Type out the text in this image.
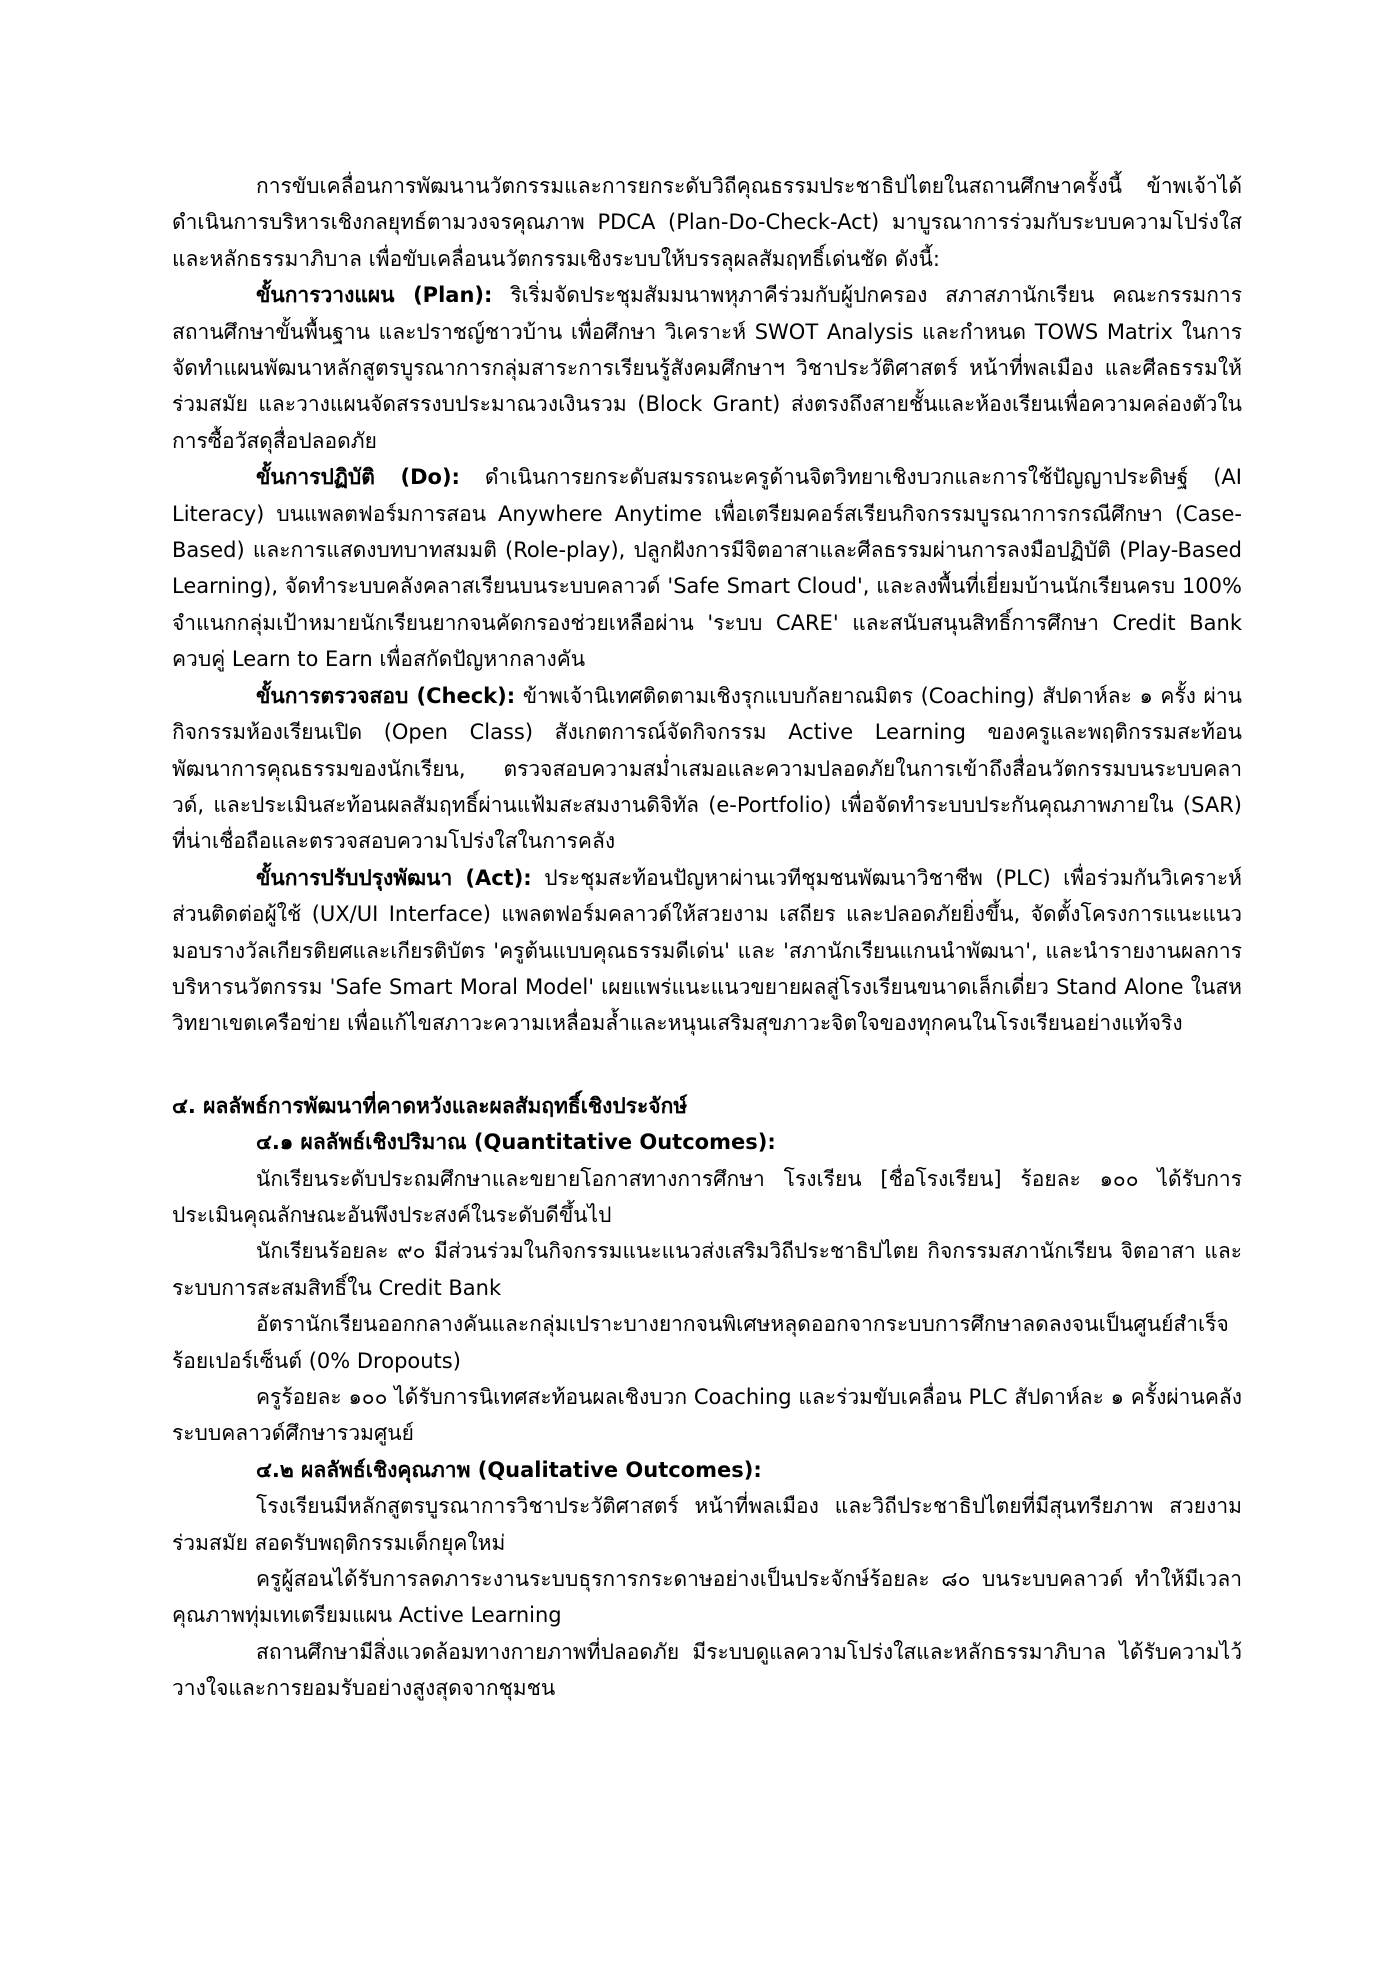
การขับเคลื่อนการพัฒนานวัตกรรมและการยกระดับวิถีคุณธรรมประชาธิปไตยในสถานศึกษาครั้งนี้ ข้าพเจ้าได้ดำเนินการบริหารเชิงกลยุทธ์ตามวงจรคุณภาพ PDCA (Plan-Do-Check-Act) มาบูรณาการร่วมกับระบบความโปร่งใสและหลักธรรมาภิบาล เพื่อขับเคลื่อนนวัตกรรมเชิงระบบให้บรรลุผลสัมฤทธิ์เด่นชัด ดังนี้:

ขั้นการวางแผน (Plan): ริเริ่มจัดประชุมสัมมนาพหุภาคีร่วมกับผู้ปกครอง สภาสภานักเรียน คณะกรรมการสถานศึกษาขั้นพื้นฐาน และปราชญ์ชาวบ้าน เพื่อศึกษา วิเคราะห์ SWOT Analysis และกำหนด TOWS Matrix ในการจัดทำแผนพัฒนาหลักสูตรบูรณาการกลุ่มสาระการเรียนรู้สังคมศึกษาฯ วิชาประวัติศาสตร์ หน้าที่พลเมือง และศีลธรรมให้ร่วมสมัย และวางแผนจัดสรรงบประมาณวงเงินรวม (Block Grant) ส่งตรงถึงสายชั้นและห้องเรียนเพื่อความคล่องตัวในการซื้อวัสดุสื่อปลอดภัย

ขั้นการปฏิบัติ (Do): ดำเนินการยกระดับสมรรถนะครูด้านจิตวิทยาเชิงบวกและการใช้ปัญญาประดิษฐ์ (AI Literacy) บนแพลตฟอร์มการสอน Anywhere Anytime เพื่อเตรียมคอร์สเรียนกิจกรรมบูรณาการกรณีศึกษา (Case-Based) และการแสดงบทบาทสมมติ (Role-play), ปลูกฝังการมีจิตอาสาและศีลธรรมผ่านการลงมือปฏิบัติ (Play-Based Learning), จัดทำระบบคลังคลาสเรียนบนระบบคลาวด์ 'Safe Smart Cloud', และลงพื้นที่เยี่ยมบ้านนักเรียนครบ 100% จำแนกกลุ่มเป้าหมายนักเรียนยากจนคัดกรองช่วยเหลือผ่าน 'ระบบ CARE' และสนับสนุนสิทธิ์การศึกษา Credit Bank ควบคู่ Learn to Earn เพื่อสกัดปัญหากลางคัน

ขั้นการตรวจสอบ (Check): ข้าพเจ้านิเทศติดตามเชิงรุกแบบกัลยาณมิตร (Coaching) สัปดาห์ละ ๑ ครั้ง ผ่านกิจกรรมห้องเรียนเปิด (Open Class) สังเกตการณ์จัดกิจกรรม Active Learning ของครูและพฤติกรรมสะท้อนพัฒนาการคุณธรรมของนักเรียน, ตรวจสอบความสม่ำเสมอและความปลอดภัยในการเข้าถึงสื่อนวัตกรรมบนระบบคลาวด์, และประเมินสะท้อนผลสัมฤทธิ์ผ่านแฟ้มสะสมงานดิจิทัล (e-Portfolio) เพื่อจัดทำระบบประกันคุณภาพภายใน (SAR) ที่น่าเชื่อถือและตรวจสอบความโปร่งใสในการคลัง

ขั้นการปรับปรุงพัฒนา (Act): ประชุมสะท้อนปัญหาผ่านเวทีชุมชนพัฒนาวิชาชีพ (PLC) เพื่อร่วมกันวิเคราะห์ส่วนติดต่อผู้ใช้ (UX/UI Interface) แพลตฟอร์มคลาวด์ให้สวยงาม เสถียร และปลอดภัยยิ่งขึ้น, จัดตั้งโครงการแนะแนว มอบรางวัลเกียรติยศและเกียรติบัตร 'ครูต้นแบบคุณธรรมดีเด่น' และ 'สภานักเรียนแกนนำพัฒนา', และนำรายงานผลการบริหารนวัตกรรม 'Safe Smart Moral Model' เผยแพร่แนะแนวขยายผลสู่โรงเรียนขนาดเล็กเดี่ยว Stand Alone ในสหวิทยาเขตเครือข่าย เพื่อแก้ไขสภาวะความเหลื่อมล้ำและหนุนเสริมสุขภาวะจิตใจของทุกคนในโรงเรียนอย่างแท้จริง

๔. ผลลัพธ์การพัฒนาที่คาดหวังและผลสัมฤทธิ์เชิงประจักษ์

๔.๑ ผลลัพธ์เชิงปริมาณ (Quantitative Outcomes):

นักเรียนระดับประถมศึกษาและขยายโอกาสทางการศึกษา โรงเรียน [ชื่อโรงเรียน] ร้อยละ ๑๐๐ ได้รับการประเมินคุณลักษณะอันพึงประสงค์ในระดับดีขึ้นไป

นักเรียนร้อยละ ๙๐ มีส่วนร่วมในกิจกรรมแนะแนวส่งเสริมวิถีประชาธิปไตย กิจกรรมสภานักเรียน จิตอาสา และระบบการสะสมสิทธิ์ใน Credit Bank

อัตรานักเรียนออกกลางคันและกลุ่มเปราะบางยากจนพิเศษหลุดออกจากระบบการศึกษาลดลงจนเป็นศูนย์สำเร็จร้อยเปอร์เซ็นต์ (0% Dropouts)

ครูร้อยละ ๑๐๐ ได้รับการนิเทศสะท้อนผลเชิงบวก Coaching และร่วมขับเคลื่อน PLC สัปดาห์ละ ๑ ครั้งผ่านคลังระบบคลาวด์ศึกษารวมศูนย์

๔.๒ ผลลัพธ์เชิงคุณภาพ (Qualitative Outcomes):

โรงเรียนมีหลักสูตรบูรณาการวิชาประวัติศาสตร์ หน้าที่พลเมือง และวิถีประชาธิปไตยที่มีสุนทรียภาพ สวยงาม ร่วมสมัย สอดรับพฤติกรรมเด็กยุคใหม่

ครูผู้สอนได้รับการลดภาระงานระบบธุรการกระดาษอย่างเป็นประจักษ์ร้อยละ ๘๐ บนระบบคลาวด์ ทำให้มีเวลาคุณภาพทุ่มเทเตรียมแผน Active Learning

สถานศึกษามีสิ่งแวดล้อมทางกายภาพที่ปลอดภัย มีระบบดูแลความโปร่งใสและหลักธรรมาภิบาล ได้รับความไว้วางใจและการยอมรับอย่างสูงสุดจากชุมชน
